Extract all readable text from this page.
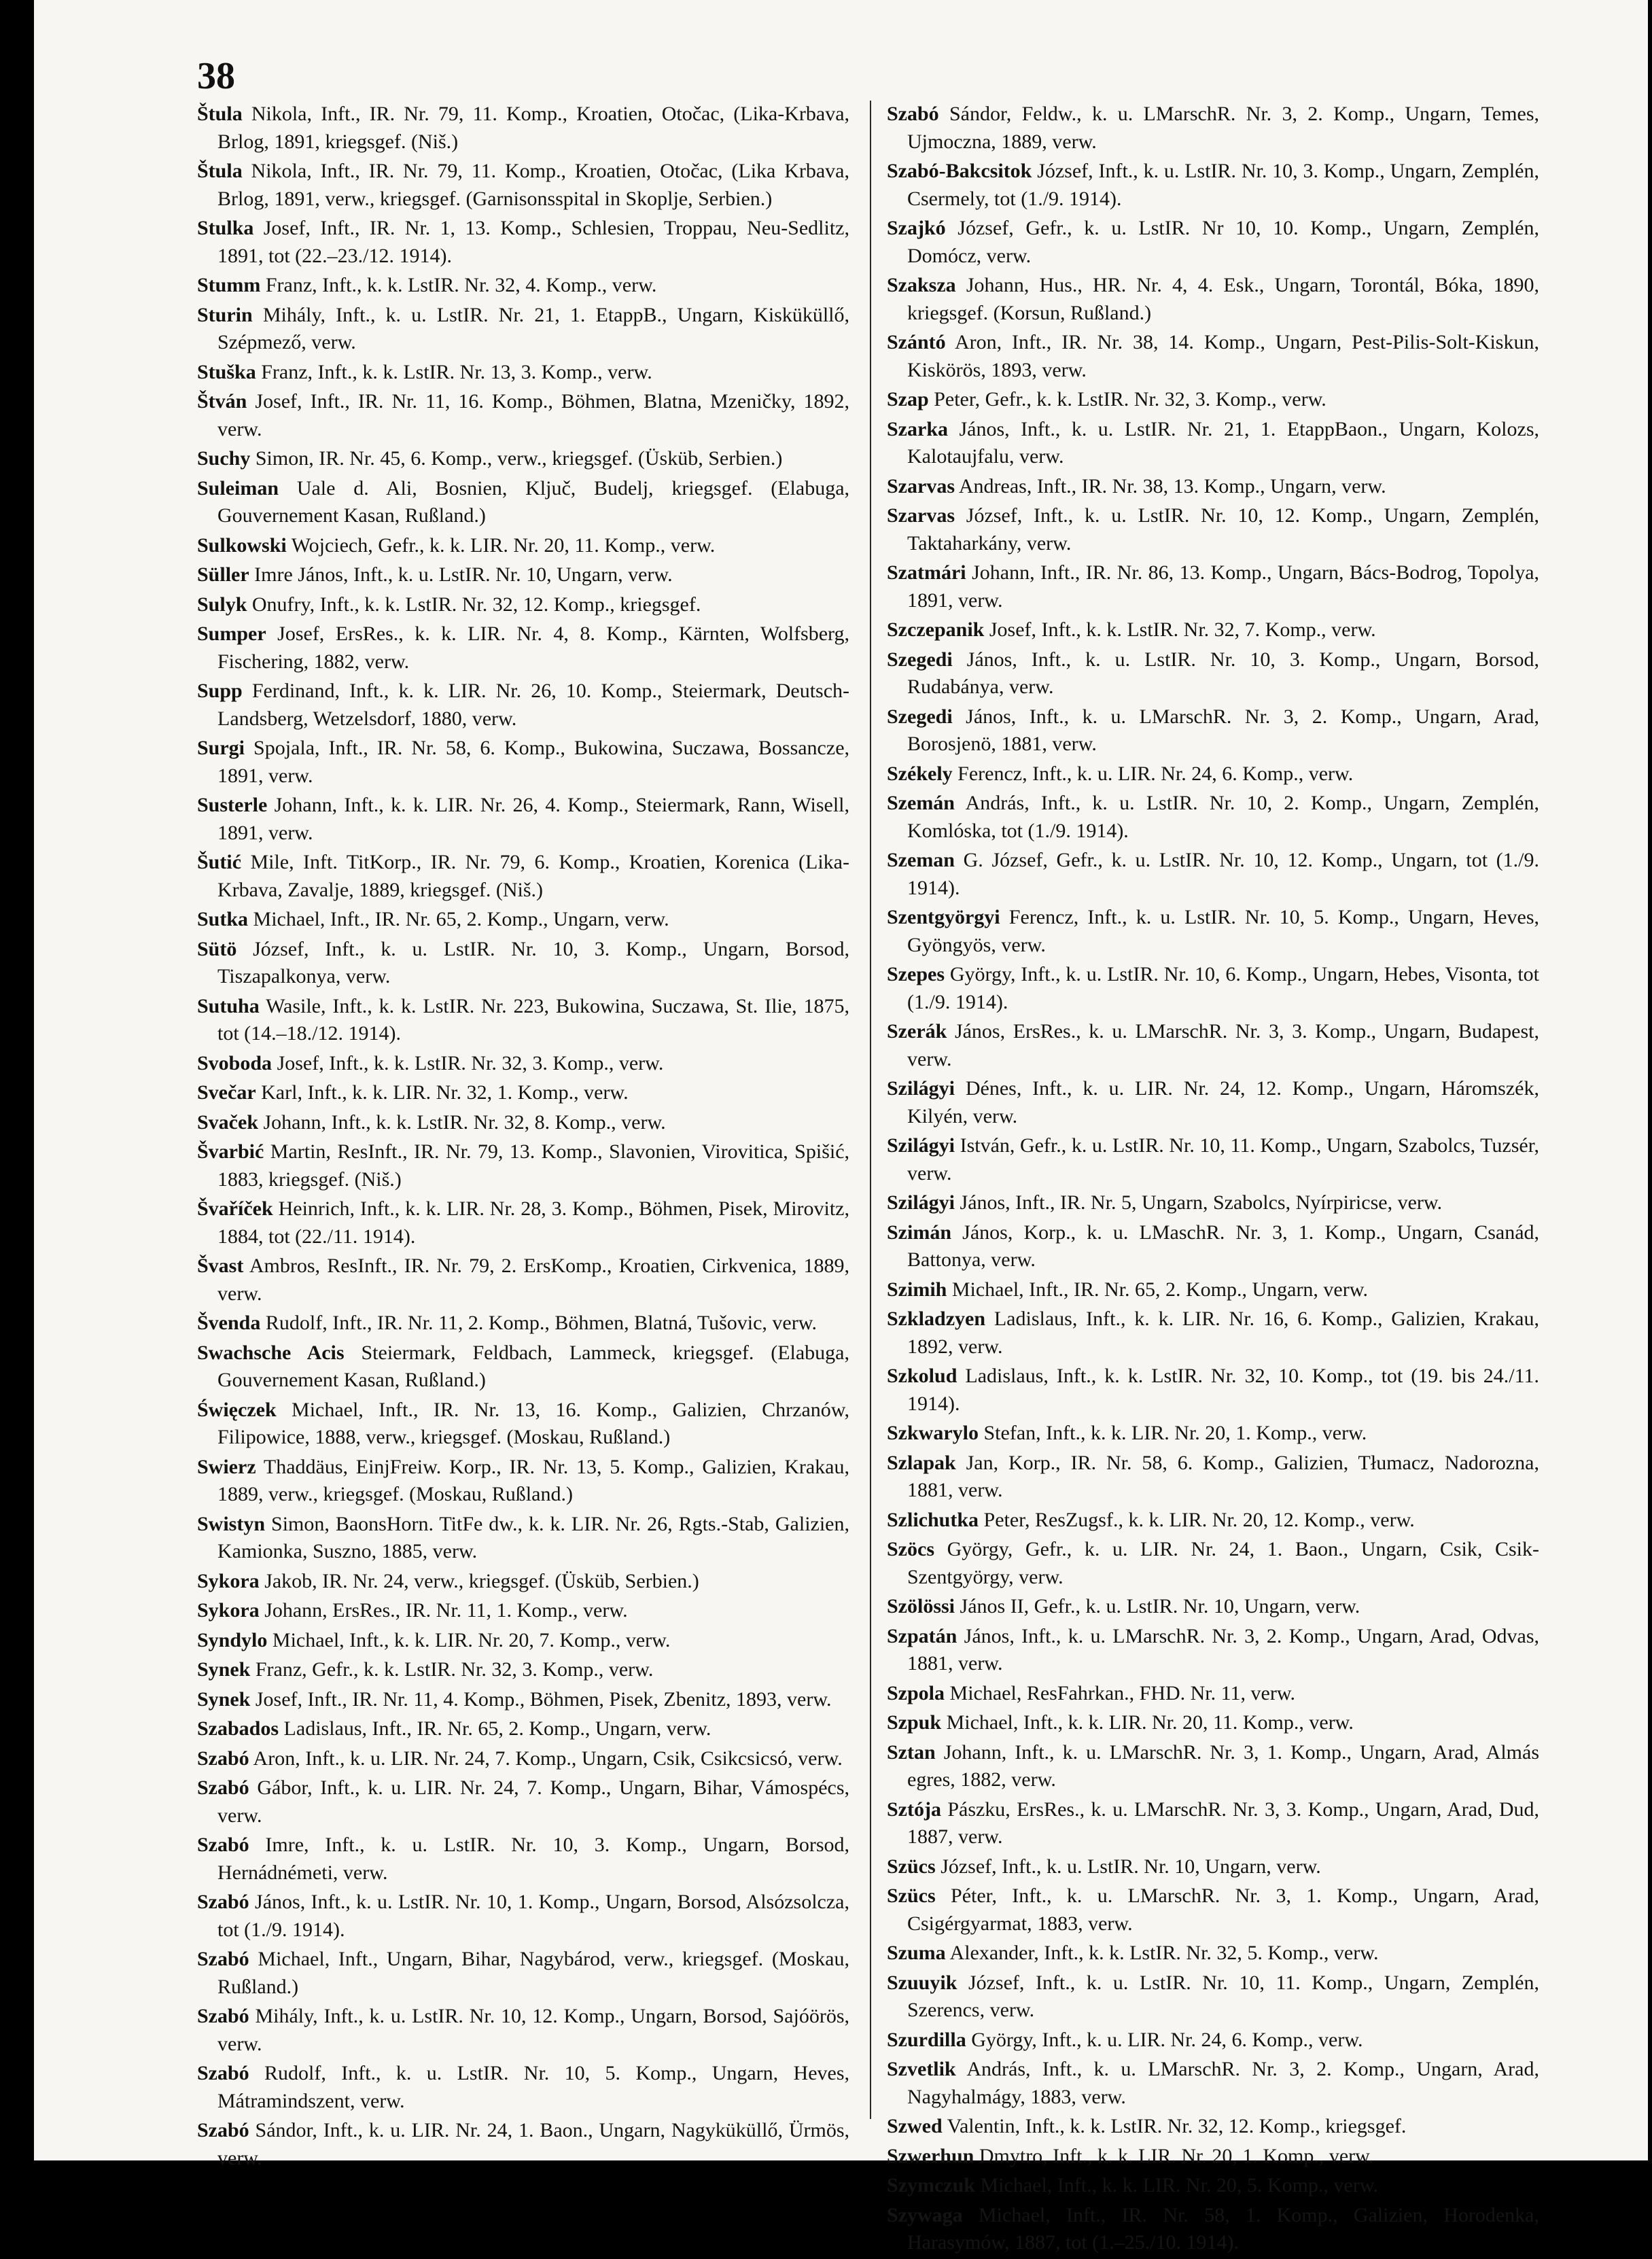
38
Štula Nikola, Inft., IR. Nr. 79, 11. Komp., Kroatien, Otočac, (Lika-Krbava, Brlog, 1891, kriegsgef. (Niš.)
Štula Nikola, Inft., IR. Nr. 79, 11. Komp., Kroatien, Otočac, (Lika Krbava, Brlog, 1891, verw., kriegsgef. (Garnisonsspital in Skoplje, Serbien.)
Stulka Josef, Inft., IR. Nr. 1, 13. Komp., Schlesien, Troppau, Neu-Sedlitz, 1891, tot (22.–23./12. 1914).
Stumm Franz, Inft., k. k. LstIR. Nr. 32, 4. Komp., verw.
Sturin Mihály, Inft., k. u. LstIR. Nr. 21, 1. EtappB., Ungarn, Kisküküllő, Szépmező, verw.
Stuška Franz, Inft., k. k. LstIR. Nr. 13, 3. Komp., verw.
Štván Josef, Inft., IR. Nr. 11, 16. Komp., Böhmen, Blatna, Mzeničky, 1892, verw.
Suchy Simon, IR. Nr. 45, 6. Komp., verw., kriegsgef. (Üsküb, Serbien.)
Suleiman Uale d. Ali, Bosnien, Ključ, Budelj, kriegsgef. (Elabuga, Gouvernement Kasan, Rußland.)
Sulkowski Wojciech, Gefr., k. k. LIR. Nr. 20, 11. Komp., verw.
Süller Imre János, Inft., k. u. LstIR. Nr. 10, Ungarn, verw.
Sulyk Onufry, Inft., k. k. LstIR. Nr. 32, 12. Komp., kriegsgef.
Sumper Josef, ErsRes., k. k. LIR. Nr. 4, 8. Komp., Kärnten, Wolfsberg, Fischering, 1882, verw.
Supp Ferdinand, Inft., k. k. LIR. Nr. 26, 10. Komp., Steiermark, Deutsch-Landsberg, Wetzelsdorf, 1880, verw.
Surgi Spojala, Inft., IR. Nr. 58, 6. Komp., Bukowina, Suczawa, Bossancze, 1891, verw.
Susterle Johann, Inft., k. k. LIR. Nr. 26, 4. Komp., Steiermark, Rann, Wisell, 1891, verw.
Šutić Mile, Inft. TitKorp., IR. Nr. 79, 6. Komp., Kroatien, Korenica (Lika-Krbava, Zavalje, 1889, kriegsgef. (Niš.)
Sutka Michael, Inft., IR. Nr. 65, 2. Komp., Ungarn, verw.
Sütö József, Inft., k. u. LstIR. Nr. 10, 3. Komp., Ungarn, Borsod, Tiszapalkonya, verw.
Sutuha Wasile, Inft., k. k. LstIR. Nr. 223, Bukowina, Suczawa, St. Ilie, 1875, tot (14.–18./12. 1914).
Svoboda Josef, Inft., k. k. LstIR. Nr. 32, 3. Komp., verw.
Svečar Karl, Inft., k. k. LIR. Nr. 32, 1. Komp., verw.
Svaček Johann, Inft., k. k. LstIR. Nr. 32, 8. Komp., verw.
Švarbić Martin, ResInft., IR. Nr. 79, 13. Komp., Slavonien, Virovitica, Spišić, 1883, kriegsgef. (Niš.)
Švaříček Heinrich, Inft., k. k. LIR. Nr. 28, 3. Komp., Böhmen, Pisek, Mirovitz, 1884, tot (22./11. 1914).
Švast Ambros, ResInft., IR. Nr. 79, 2. ErsKomp., Kroatien, Cirkvenica, 1889, verw.
Švenda Rudolf, Inft., IR. Nr. 11, 2. Komp., Böhmen, Blatná, Tušovic, verw.
Swachsche Acis Steiermark, Feldbach, Lammeck, kriegsgef. (Elabuga, Gouvernement Kasan, Rußland.)
Święczek Michael, Inft., IR. Nr. 13, 16. Komp., Galizien, Chrzanów, Filipowice, 1888, verw., kriegsgef. (Moskau, Rußland.)
Swierz Thaddäus, EinjFreiw. Korp., IR. Nr. 13, 5. Komp., Galizien, Krakau, 1889, verw., kriegsgef. (Moskau, Rußland.)
Swistyn Simon, BaonsHorn. TitFe dw., k. k. LIR. Nr. 26, Rgts.-Stab, Galizien, Kamionka, Suszno, 1885, verw.
Sykora Jakob, IR. Nr. 24, verw., kriegsgef. (Üsküb, Serbien.)
Sykora Johann, ErsRes., IR. Nr. 11, 1. Komp., verw.
Syndylo Michael, Inft., k. k. LIR. Nr. 20, 7. Komp., verw.
Synek Franz, Gefr., k. k. LstIR. Nr. 32, 3. Komp., verw.
Synek Josef, Inft., IR. Nr. 11, 4. Komp., Böhmen, Pisek, Zbenitz, 1893, verw.
Szabados Ladislaus, Inft., IR. Nr. 65, 2. Komp., Ungarn, verw.
Szabó Aron, Inft., k. u. LIR. Nr. 24, 7. Komp., Ungarn, Csik, Csikcsicsó, verw.
Szabó Gábor, Inft., k. u. LIR. Nr. 24, 7. Komp., Ungarn, Bihar, Vámospécs, verw.
Szabó Imre, Inft., k. u. LstIR. Nr. 10, 3. Komp., Ungarn, Borsod, Hernádnémeti, verw.
Szabó János, Inft., k. u. LstIR. Nr. 10, 1. Komp., Ungarn, Borsod, Alsózsolcza, tot (1./9. 1914).
Szabó Michael, Inft., Ungarn, Bihar, Nagybárod, verw., kriegsgef. (Moskau, Rußland.)
Szabó Mihály, Inft., k. u. LstIR. Nr. 10, 12. Komp., Ungarn, Borsod, Sajóörös, verw.
Szabó Rudolf, Inft., k. u. LstIR. Nr. 10, 5. Komp., Ungarn, Heves, Mátramindszent, verw.
Szabó Sándor, Inft., k. u. LIR. Nr. 24, 1. Baon., Ungarn, Nagyküküllő, Ürmös, verw.
Szabó Sándor, Feldw., k. u. LMarschR. Nr. 3, 2. Komp., Ungarn, Temes, Ujmoczna, 1889, verw.
Szabó-Bakcsitok József, Inft., k. u. LstIR. Nr. 10, 3. Komp., Ungarn, Zemplén, Csermely, tot (1./9. 1914).
Szajkó József, Gefr., k. u. LstIR. Nr 10, 10. Komp., Ungarn, Zemplén, Domócz, verw.
Szaksza Johann, Hus., HR. Nr. 4, 4. Esk., Ungarn, Torontál, Bóka, 1890, kriegsgef. (Korsun, Rußland.)
Szántó Aron, Inft., IR. Nr. 38, 14. Komp., Ungarn, Pest-Pilis-Solt-Kiskun, Kiskörös, 1893, verw.
Szap Peter, Gefr., k. k. LstIR. Nr. 32, 3. Komp., verw.
Szarka János, Inft., k. u. LstIR. Nr. 21, 1. EtappBaon., Ungarn, Kolozs, Kalotaujfalu, verw.
Szarvas Andreas, Inft., IR. Nr. 38, 13. Komp., Ungarn, verw.
Szarvas József, Inft., k. u. LstIR. Nr. 10, 12. Komp., Ungarn, Zemplén, Taktaharkány, verw.
Szatmári Johann, Inft., IR. Nr. 86, 13. Komp., Ungarn, Bács-Bodrog, Topolya, 1891, verw.
Szczepanik Josef, Inft., k. k. LstIR. Nr. 32, 7. Komp., verw.
Szegedi János, Inft., k. u. LstIR. Nr. 10, 3. Komp., Ungarn, Borsod, Rudabánya, verw.
Szegedi János, Inft., k. u. LMarschR. Nr. 3, 2. Komp., Ungarn, Arad, Borosjenö, 1881, verw.
Székely Ferencz, Inft., k. u. LIR. Nr. 24, 6. Komp., verw.
Szemán András, Inft., k. u. LstIR. Nr. 10, 2. Komp., Ungarn, Zemplén, Komlóska, tot (1./9. 1914).
Szeman G. József, Gefr., k. u. LstIR. Nr. 10, 12. Komp., Ungarn, tot (1./9. 1914).
Szentgyörgyi Ferencz, Inft., k. u. LstIR. Nr. 10, 5. Komp., Ungarn, Heves, Gyöngyös, verw.
Szepes György, Inft., k. u. LstIR. Nr. 10, 6. Komp., Ungarn, Hebes, Visonta, tot (1./9. 1914).
Szerák János, ErsRes., k. u. LMarschR. Nr. 3, 3. Komp., Ungarn, Budapest, verw.
Szilágyi Dénes, Inft., k. u. LIR. Nr. 24, 12. Komp., Ungarn, Háromszék, Kilyén, verw.
Szilágyi István, Gefr., k. u. LstIR. Nr. 10, 11. Komp., Ungarn, Szabolcs, Tuzsér, verw.
Szilágyi János, Inft., IR. Nr. 5, Ungarn, Szabolcs, Nyírpiricse, verw.
Szimán János, Korp., k. u. LMaschR. Nr. 3, 1. Komp., Ungarn, Csanád, Battonya, verw.
Szimih Michael, Inft., IR. Nr. 65, 2. Komp., Ungarn, verw.
Szkladzyen Ladislaus, Inft., k. k. LIR. Nr. 16, 6. Komp., Galizien, Krakau, 1892, verw.
Szkolud Ladislaus, Inft., k. k. LstIR. Nr. 32, 10. Komp., tot (19. bis 24./11. 1914).
Szkwarylo Stefan, Inft., k. k. LIR. Nr. 20, 1. Komp., verw.
Szlapak Jan, Korp., IR. Nr. 58, 6. Komp., Galizien, Tłumacz, Nadorozna, 1881, verw.
Szlichutka Peter, ResZugsf., k. k. LIR. Nr. 20, 12. Komp., verw.
Szöcs György, Gefr., k. u. LIR. Nr. 24, 1. Baon., Ungarn, Csik, Csik-Szentgyörgy, verw.
Szölössi János II, Gefr., k. u. LstIR. Nr. 10, Ungarn, verw.
Szpatán János, Inft., k. u. LMarschR. Nr. 3, 2. Komp., Ungarn, Arad, Odvas, 1881, verw.
Szpola Michael, ResFahrkan., FHD. Nr. 11, verw.
Szpuk Michael, Inft., k. k. LIR. Nr. 20, 11. Komp., verw.
Sztan Johann, Inft., k. u. LMarschR. Nr. 3, 1. Komp., Ungarn, Arad, Almás egres, 1882, verw.
Sztója Pászku, ErsRes., k. u. LMarschR. Nr. 3, 3. Komp., Ungarn, Arad, Dud, 1887, verw.
Szücs József, Inft., k. u. LstIR. Nr. 10, Ungarn, verw.
Szücs Péter, Inft., k. u. LMarschR. Nr. 3, 1. Komp., Ungarn, Arad, Csigérgyarmat, 1883, verw.
Szuma Alexander, Inft., k. k. LstIR. Nr. 32, 5. Komp., verw.
Szuuyik József, Inft., k. u. LstIR. Nr. 10, 11. Komp., Ungarn, Zemplén, Szerencs, verw.
Szurdilla György, Inft., k. u. LIR. Nr. 24, 6. Komp., verw.
Szvetlik András, Inft., k. u. LMarschR. Nr. 3, 2. Komp., Ungarn, Arad, Nagyhalmágy, 1883, verw.
Szwed Valentin, Inft., k. k. LstIR. Nr. 32, 12. Komp., kriegsgef.
Szwerhun Dmytro, Inft., k. k. LIR. Nr. 20, 1. Komp., verw.
Szymczuk Michael, Inft., k. k. LIR. Nr. 20, 5. Komp., verw.
Szywaga Michael, Inft., IR. Nr. 58, 1. Komp., Galizien, Horodenka, Harasymów, 1887, tot (1.–25./10. 1914).
